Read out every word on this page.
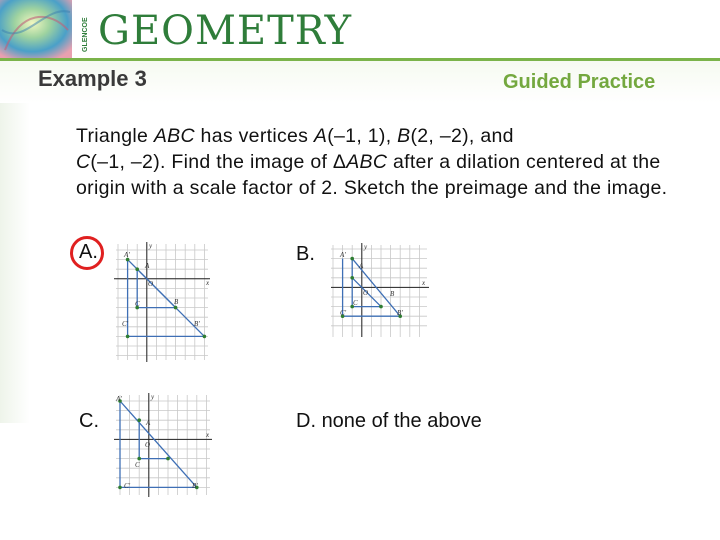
GLENCOE GEOMETRY
Example 3	Guided Practice
Triangle ABC has vertices A(–1, 1), B(2, –2), and
C(–1, –2). Find the image of ΔABC after a dilation centered at the origin with a scale factor of 2. Sketch the preimage and the image.
A.	y
x
O
A'
A
B
C
C'	B'
B.	y
x
O
A'
A
B
C
C'	B'
C.
y
x
O
A'
A
C
C'	B'
D. none of the above
